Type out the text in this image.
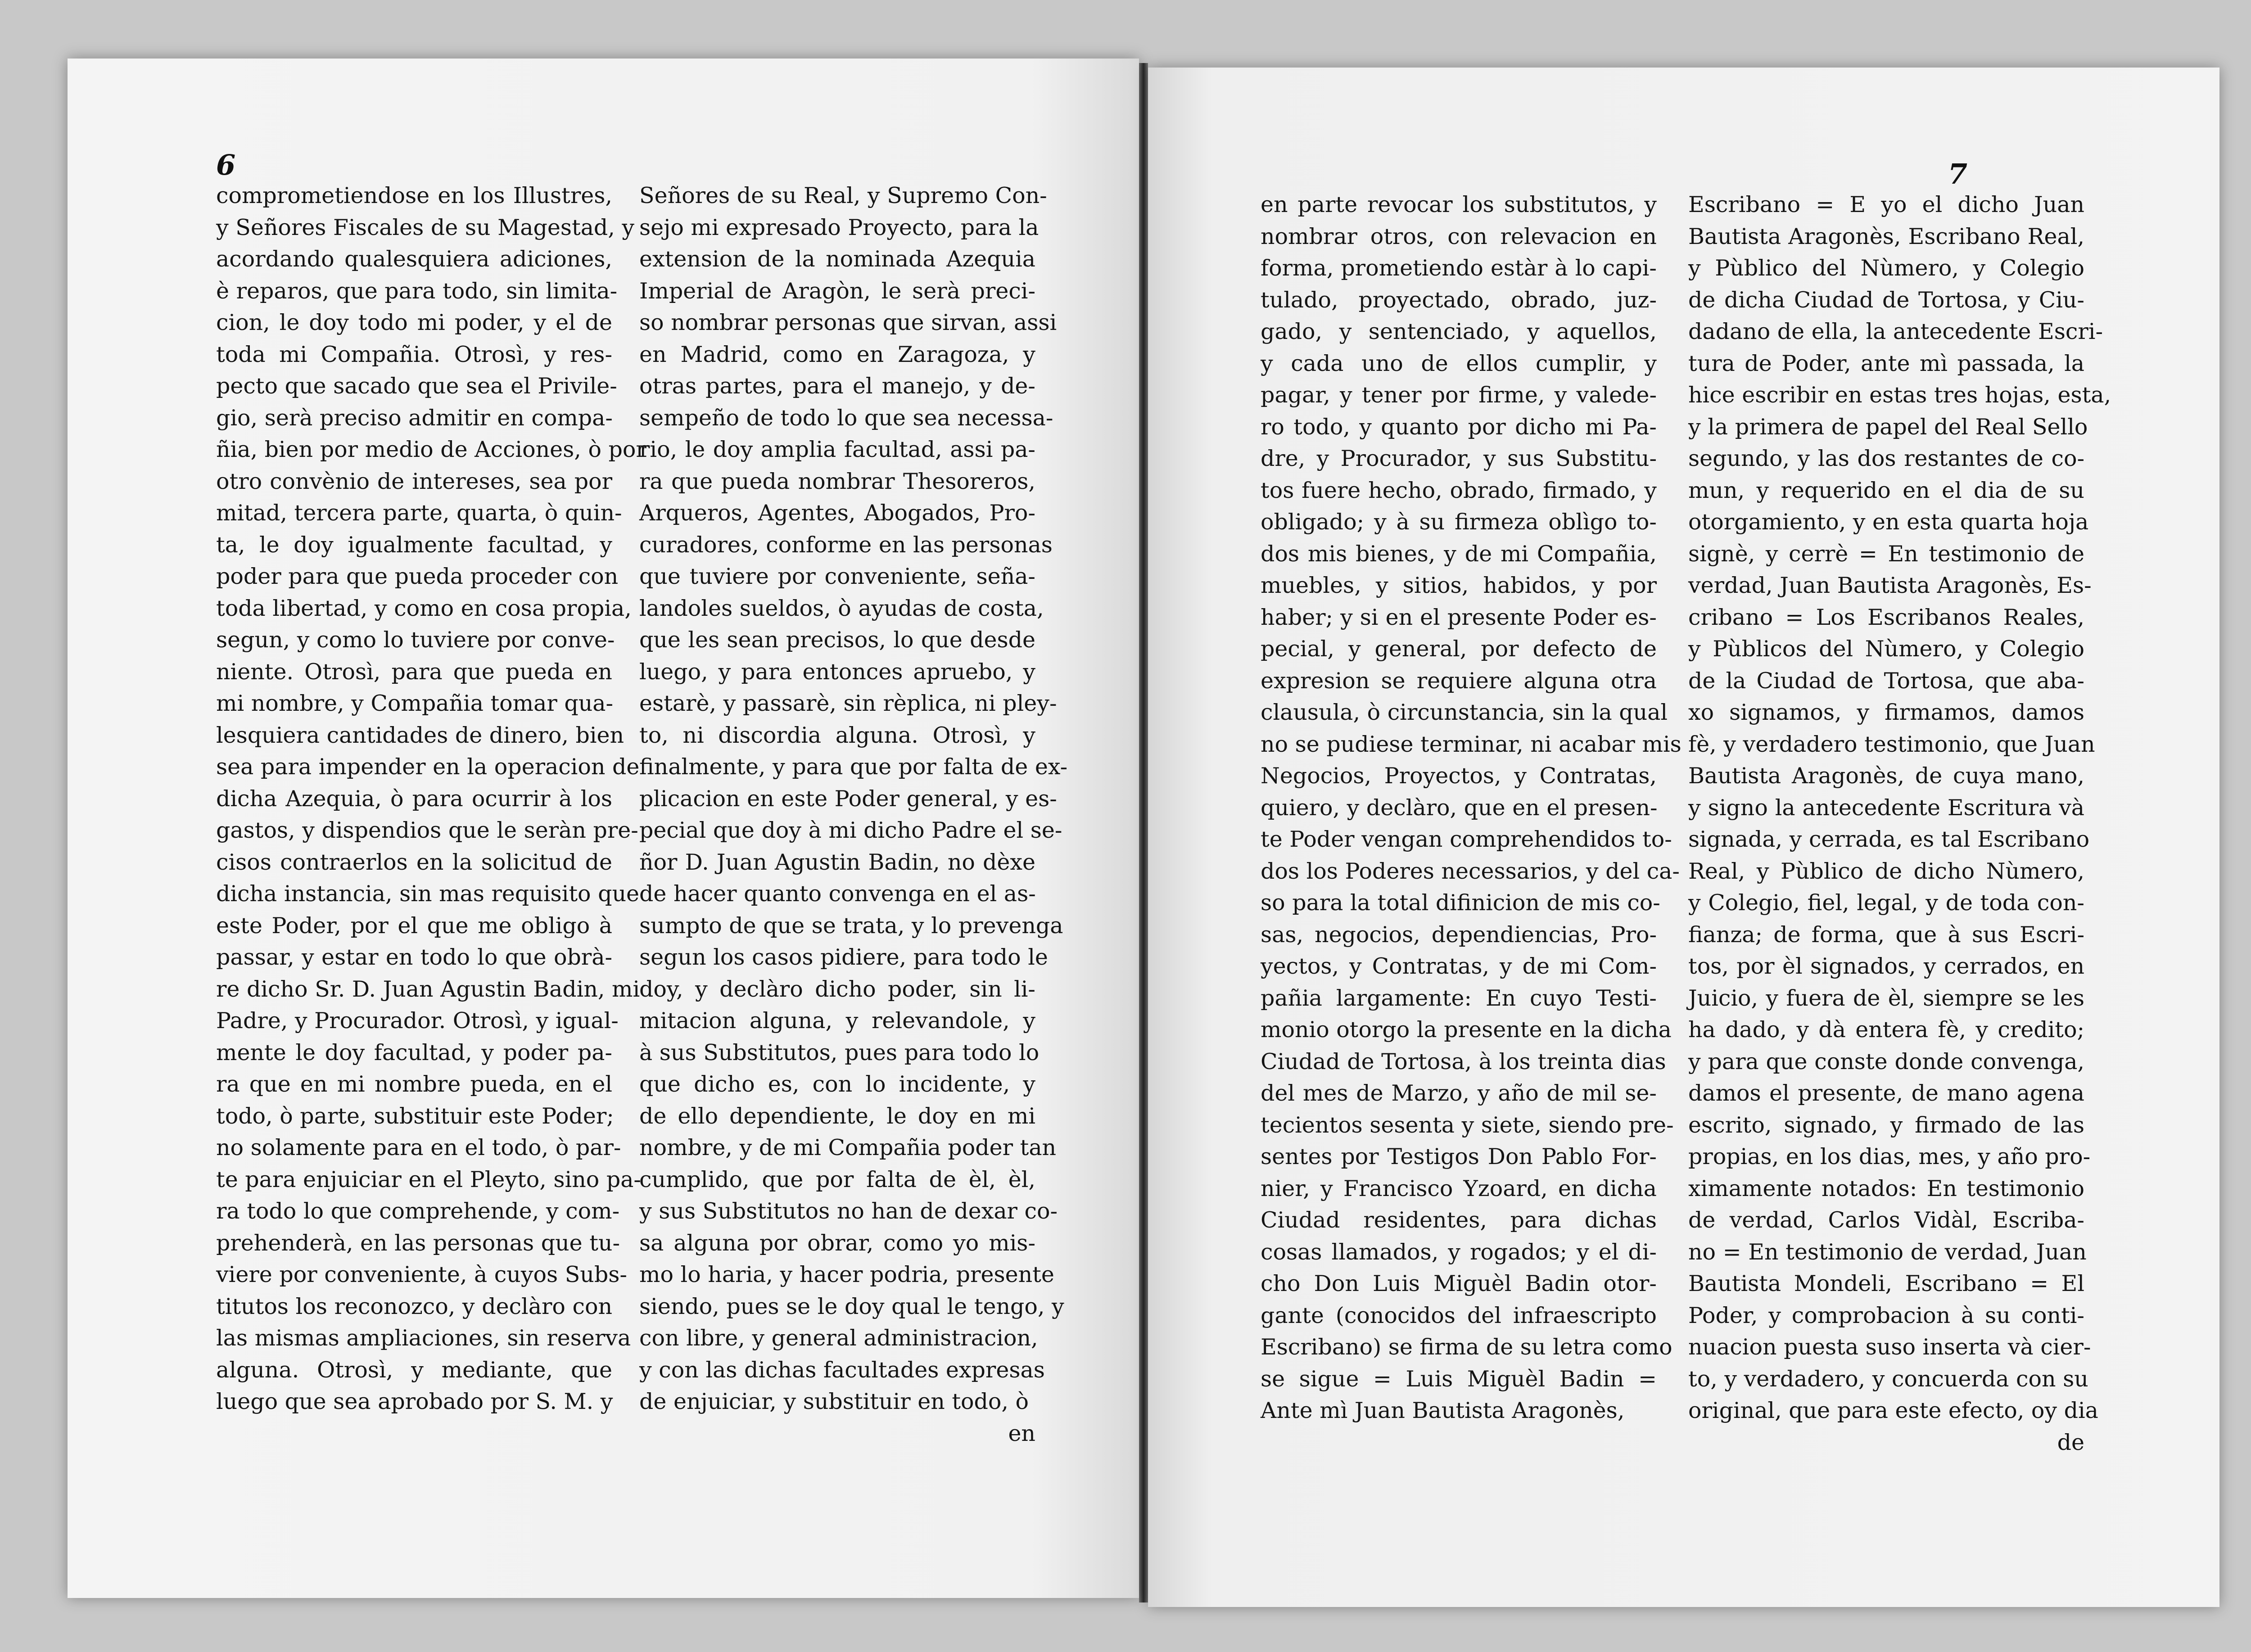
6
comprometiendose en los Illustres,
y Señores Fiscales de su Magestad, y
acordando qualesquiera adiciones,
è reparos, que para todo, sin limita-
cion, le doy todo mi poder, y el de
toda mi Compañia. Otrosì, y res-
pecto que sacado que sea el Privile-
gio, serà preciso admitir en compa-
ñia, bien por medio de Acciones, ò por
otro convènio de intereses, sea por
mitad, tercera parte, quarta, ò quin-
ta, le doy igualmente facultad, y
poder para que pueda proceder con
toda libertad, y como en cosa propia,
segun, y como lo tuviere por conve-
niente. Otrosì, para que pueda en
mi nombre, y Compañia tomar qua-
lesquiera cantidades de dinero, bien
sea para impender en la operacion de
dicha Azequia, ò para ocurrir à los
gastos, y dispendios que le seràn pre-
cisos contraerlos en la solicitud de
dicha instancia, sin mas requisito que
este Poder, por el que me obligo à
passar, y estar en todo lo que obrà-
re dicho Sr. D. Juan Agustin Badin, mi
Padre, y Procurador. Otrosì, y igual-
mente le doy facultad, y poder pa-
ra que en mi nombre pueda, en el
todo, ò parte, substituir este Poder;
no solamente para en el todo, ò par-
te para enjuiciar en el Pleyto, sino pa-
ra todo lo que comprehende, y com-
prehenderà, en las personas que tu-
viere por conveniente, à cuyos Subs-
titutos los reconozco, y declàro con
las mismas ampliaciones, sin reserva
alguna. Otrosì, y mediante, que
luego que sea aprobado por S. M. y
Señores de su Real, y Supremo Con-
sejo mi expresado Proyecto, para la
extension de la nominada Azequia
Imperial de Aragòn, le serà preci-
so nombrar personas que sirvan, assi
en Madrid, como en Zaragoza, y
otras partes, para el manejo, y de-
sempeño de todo lo que sea necessa-
rio, le doy amplia facultad, assi pa-
ra que pueda nombrar Thesoreros,
Arqueros, Agentes, Abogados, Pro-
curadores, conforme en las personas
que tuviere por conveniente, seña-
landoles sueldos, ò ayudas de costa,
que les sean precisos, lo que desde
luego, y para entonces apruebo, y
estarè, y passarè, sin rèplica, ni pley-
to, ni discordia alguna. Otrosì, y
finalmente, y para que por falta de ex-
plicacion en este Poder general, y es-
pecial que doy à mi dicho Padre el se-
ñor D. Juan Agustin Badin, no dèxe
de hacer quanto convenga en el as-
sumpto de que se trata, y lo prevenga
segun los casos pidiere, para todo le
doy, y declàro dicho poder, sin li-
mitacion alguna, y relevandole, y
à sus Substitutos, pues para todo lo
que dicho es, con lo incidente, y
de ello dependiente, le doy en mi
nombre, y de mi Compañia poder tan
cumplido, que por falta de èl, èl,
y sus Substitutos no han de dexar co-
sa alguna por obrar, como yo mis-
mo lo haria, y hacer podria, presente
siendo, pues se le doy qual le tengo, y
con libre, y general administracion,
y con las dichas facultades expresas
de enjuiciar, y substituir en todo, ò
en
7
en parte revocar los substitutos, y
nombrar otros, con relevacion en
forma, prometiendo estàr à lo capi-
tulado, proyectado, obrado, juz-
gado, y sentenciado, y aquellos,
y cada uno de ellos cumplir, y
pagar, y tener por firme, y valede-
ro todo, y quanto por dicho mi Pa-
dre, y Procurador, y sus Substitu-
tos fuere hecho, obrado, firmado, y
obligado; y à su firmeza oblìgo to-
dos mis bienes, y de mi Compañia,
muebles, y sitios, habidos, y por
haber; y si en el presente Poder es-
pecial, y general, por defecto de
expresion se requiere alguna otra
clausula, ò circunstancia, sin la qual
no se pudiese terminar, ni acabar mis
Negocios, Proyectos, y Contratas,
quiero, y declàro, que en el presen-
te Poder vengan comprehendidos to-
dos los Poderes necessarios, y del ca-
so para la total difinicion de mis co-
sas, negocios, dependiencias, Pro-
yectos, y Contratas, y de mi Com-
pañia largamente: En cuyo Testi-
monio otorgo la presente en la dicha
Ciudad de Tortosa, à los treinta dias
del mes de Marzo, y año de mil se-
tecientos sesenta y siete, siendo pre-
sentes por Testigos Don Pablo For-
nier, y Francisco Yzoard, en dicha
Ciudad residentes, para dichas
cosas llamados, y rogados; y el di-
cho Don Luis Miguèl Badin otor-
gante (conocidos del infraescripto
Escribano) se firma de su letra como
se sigue = Luis Miguèl Badin =
Ante mì Juan Bautista Aragonès,
Escribano = E yo el dicho Juan
Bautista Aragonès, Escribano Real,
y Pùblico del Nùmero, y Colegio
de dicha Ciudad de Tortosa, y Ciu-
dadano de ella, la antecedente Escri-
tura de Poder, ante mì passada, la
hice escribir en estas tres hojas, esta,
y la primera de papel del Real Sello
segundo, y las dos restantes de co-
mun, y requerido en el dia de su
otorgamiento, y en esta quarta hoja
signè, y cerrè = En testimonio de
verdad, Juan Bautista Aragonès, Es-
cribano = Los Escribanos Reales,
y Pùblicos del Nùmero, y Colegio
de la Ciudad de Tortosa, que aba-
xo signamos, y firmamos, damos
fè, y verdadero testimonio, que Juan
Bautista Aragonès, de cuya mano,
y signo la antecedente Escritura và
signada, y cerrada, es tal Escribano
Real, y Pùblico de dicho Nùmero,
y Colegio, fiel, legal, y de toda con-
fianza; de forma, que à sus Escri-
tos, por èl signados, y cerrados, en
Juicio, y fuera de èl, siempre se les
ha dado, y dà entera fè, y credito;
y para que conste donde convenga,
damos el presente, de mano agena
escrito, signado, y firmado de las
propias, en los dias, mes, y año pro-
ximamente notados: En testimonio
de verdad, Carlos Vidàl, Escriba-
no = En testimonio de verdad, Juan
Bautista Mondeli, Escribano = El
Poder, y comprobacion à su conti-
nuacion puesta suso inserta và cier-
to, y verdadero, y concuerda con su
original, que para este efecto, oy dia
de
